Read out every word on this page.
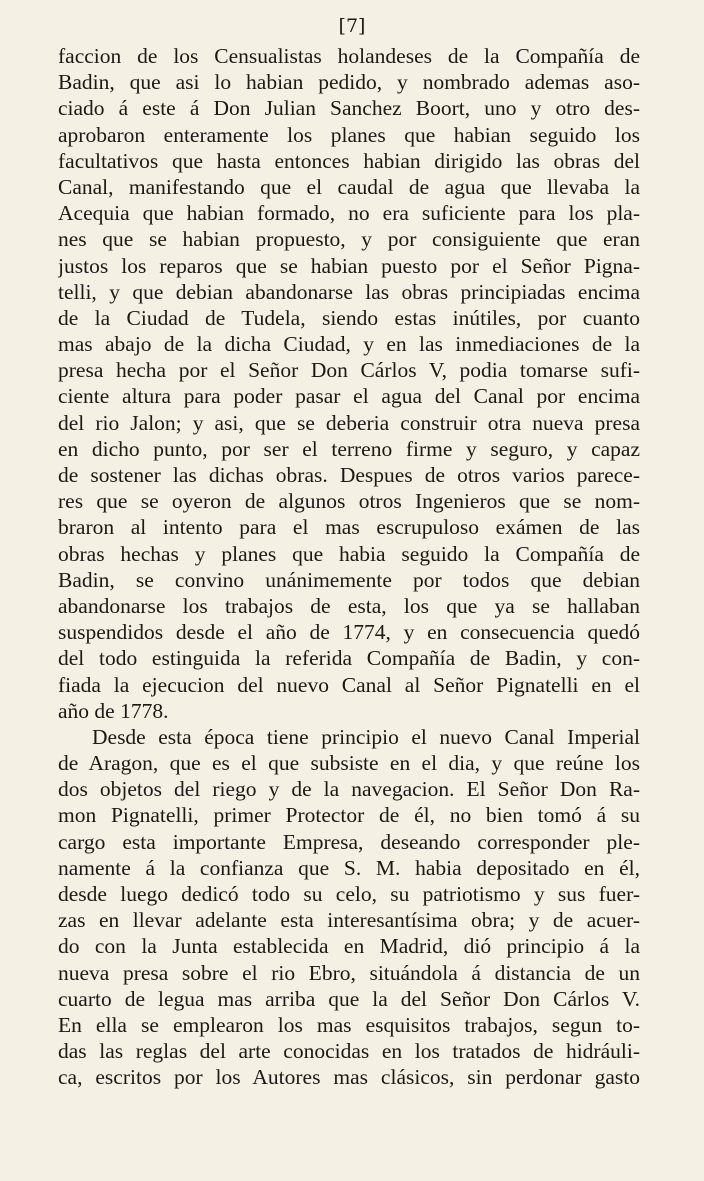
[7]
faccion de los Censualistas holandeses de la Compañía de
Badin, que asi lo habian pedido, y nombrado ademas aso-
ciado á este á Don Julian Sanchez Boort, uno y otro des-
aprobaron enteramente los planes que habian seguido los
facultativos que hasta entonces habian dirigido las obras del
Canal, manifestando que el caudal de agua que llevaba la
Acequia que habian formado, no era suficiente para los pla-
nes que se habian propuesto, y por consiguiente que eran
justos los reparos que se habian puesto por el Señor Pigna-
telli, y que debian abandonarse las obras principiadas encima
de la Ciudad de Tudela, siendo estas inútiles, por cuanto
mas abajo de la dicha Ciudad, y en las inmediaciones de la
presa hecha por el Señor Don Cárlos V, podia tomarse sufi-
ciente altura para poder pasar el agua del Canal por encima
del rio Jalon; y asi, que se deberia construir otra nueva presa
en dicho punto, por ser el terreno firme y seguro, y capaz
de sostener las dichas obras. Despues de otros varios parece-
res que se oyeron de algunos otros Ingenieros que se nom-
braron al intento para el mas escrupuloso exámen de las
obras hechas y planes que habia seguido la Compañía de
Badin, se convino unánimemente por todos que debian
abandonarse los trabajos de esta, los que ya se hallaban
suspendidos desde el año de 1774, y en consecuencia quedó
del todo estinguida la referida Compañía de Badin, y con-
fiada la ejecucion del nuevo Canal al Señor Pignatelli en el
año de 1778.
Desde esta época tiene principio el nuevo Canal Imperial
de Aragon, que es el que subsiste en el dia, y que reúne los
dos objetos del riego y de la navegacion. El Señor Don Ra-
mon Pignatelli, primer Protector de él, no bien tomó á su
cargo esta importante Empresa, deseando corresponder ple-
namente á la confianza que S. M. habia depositado en él,
desde luego dedicó todo su celo, su patriotismo y sus fuer-
zas en llevar adelante esta interesantísima obra; y de acuer-
do con la Junta establecida en Madrid, dió principio á la
nueva presa sobre el rio Ebro, situándola á distancia de un
cuarto de legua mas arriba que la del Señor Don Cárlos V.
En ella se emplearon los mas esquisitos trabajos, segun to-
das las reglas del arte conocidas en los tratados de hidráuli-
ca, escritos por los Autores mas clásicos, sin perdonar gasto
